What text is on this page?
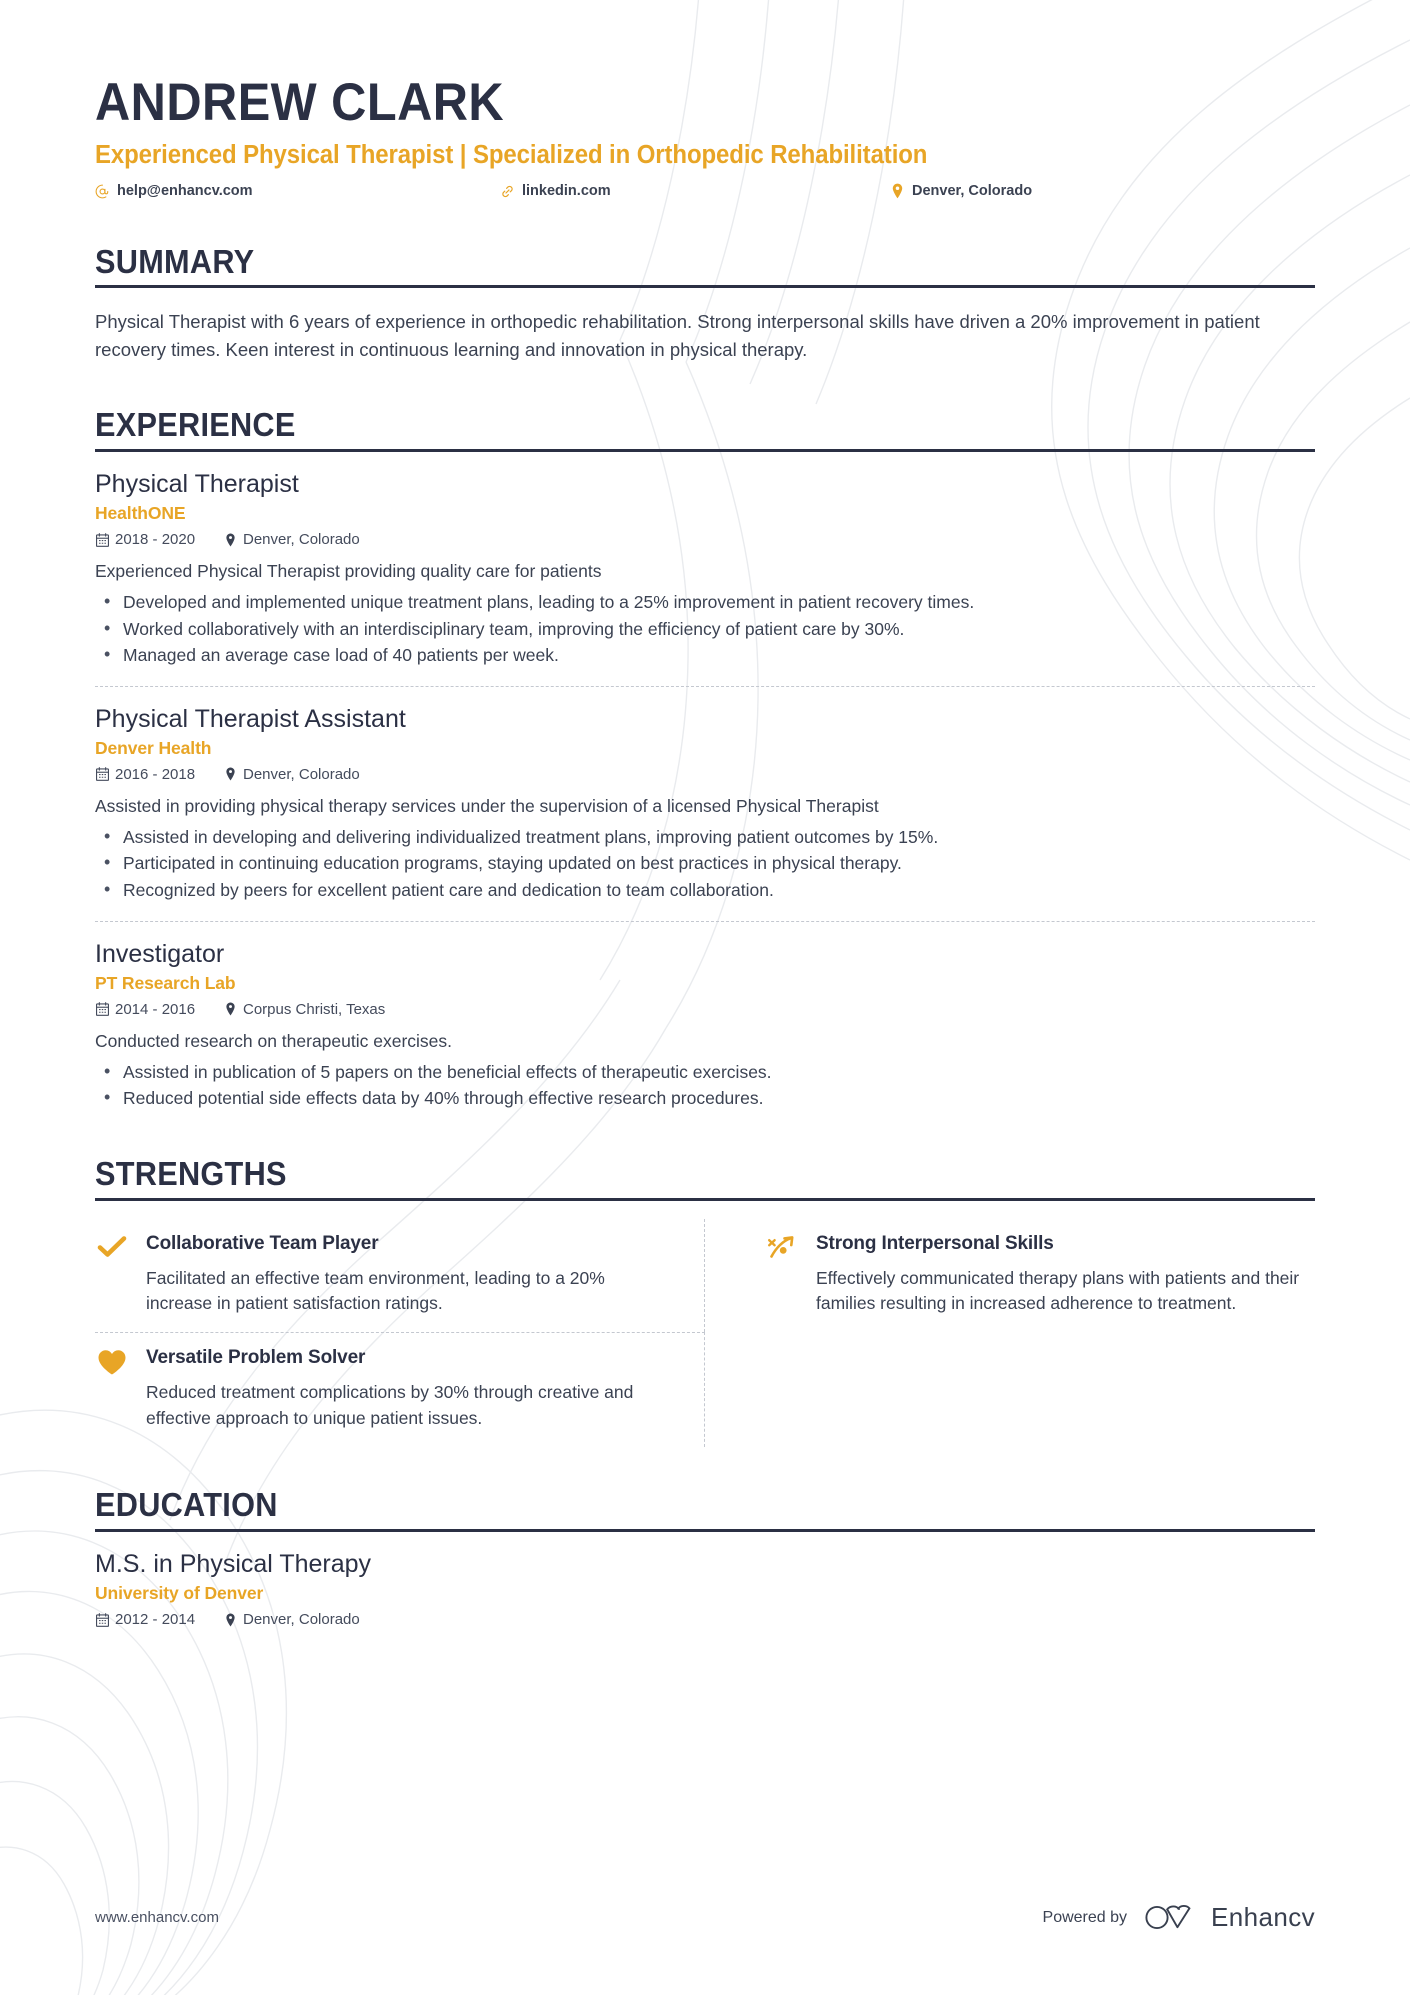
ANDREW CLARK
Experienced Physical Therapist | Specialized in Orthopedic Rehabilitation
help@enhancv.com	linkedin.com	Denver, Colorado
SUMMARY

Physical Therapist with 6 years of experience in orthopedic rehabilitation. Strong interpersonal skills have driven a 20% improvement in patient recovery times. Keen interest in continuous learning and innovation in physical therapy.

EXPERIENCE
Physical Therapist
HealthONE
2018 - 2020	Denver, Colorado
Experienced Physical Therapist providing quality care for patients
• Developed and implemented unique treatment plans, leading to a 25% improvement in patient recovery times.
• Worked collaboratively with an interdisciplinary team, improving the efficiency of patient care by 30%.
• Managed an average case load of 40 patients per week.
Physical Therapist Assistant
Denver Health
2016 - 2018	Denver, Colorado
Assisted in providing physical therapy services under the supervision of a licensed Physical Therapist
• Assisted in developing and delivering individualized treatment plans, improving patient outcomes by 15%.
• Participated in continuing education programs, staying updated on best practices in physical therapy.
• Recognized by peers for excellent patient care and dedication to team collaboration.
Investigator
PT Research Lab
2014 - 2016	Corpus Christi, Texas
Conducted research on therapeutic exercises.
• Assisted in publication of 5 papers on the beneficial effects of therapeutic exercises.
• Reduced potential side effects data by 40% through effective research procedures.
STRENGTHS
Collaborative Team Player
Facilitated an effective team environment, leading to a 20% increase in patient satisfaction ratings.
Strong Interpersonal Skills
Effectively communicated therapy plans with patients and their families resulting in increased adherence to treatment.
Versatile Problem Solver
Reduced treatment complications by 30% through creative and effective approach to unique patient issues.
EDUCATION
M.S. in Physical Therapy
University of Denver
2012 - 2014	Denver, Colorado
www.enhancv.com	Powered by	Enhancv
